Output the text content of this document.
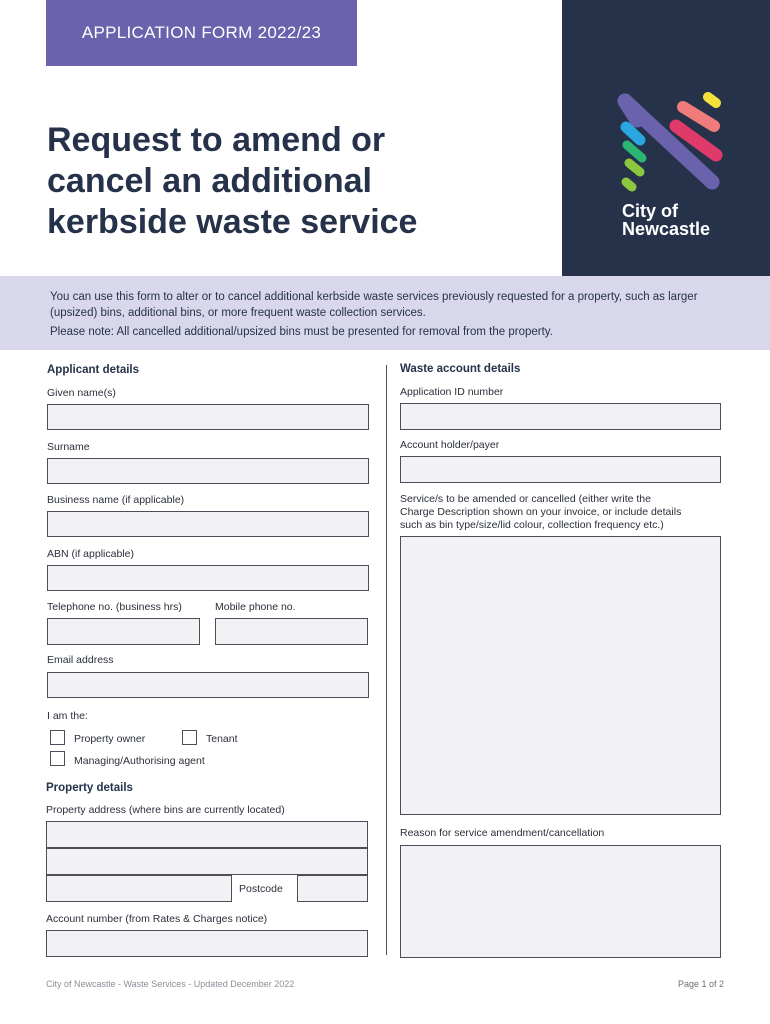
APPLICATION FORM 2022/23
Request to amend or
cancel an additional
kerbside waste service	City of
Newcastle

You can use this form to alter or to cancel additional kerbside waste services previously requested for a property, such as larger (upsized) bins, additional bins, or more frequent waste collection services.

Please note: All cancelled additional/upsized bins must be presented for removal from the property.

Applicant details
Given name(s)
Surname
Business name (if applicable)
ABN (if applicable)
Telephone no. (business hrs)	Mobile phone no.
Email address
I am the:
Property owner	Tenant
Managing/Authorising agent
Property details
Property address (where bins are currently located)
Postcode
Account number (from Rates & Charges notice)
Waste account details
Application ID number
Account holder/payer
Service/s to be amended or cancelled (either write the
Charge Description shown on your invoice, or include details
such as bin type/size/lid colour, collection frequency etc.)
Reason for service amendment/cancellation
City of Newcastle - Waste Services - Updated December 2022	Page 1 of 2
